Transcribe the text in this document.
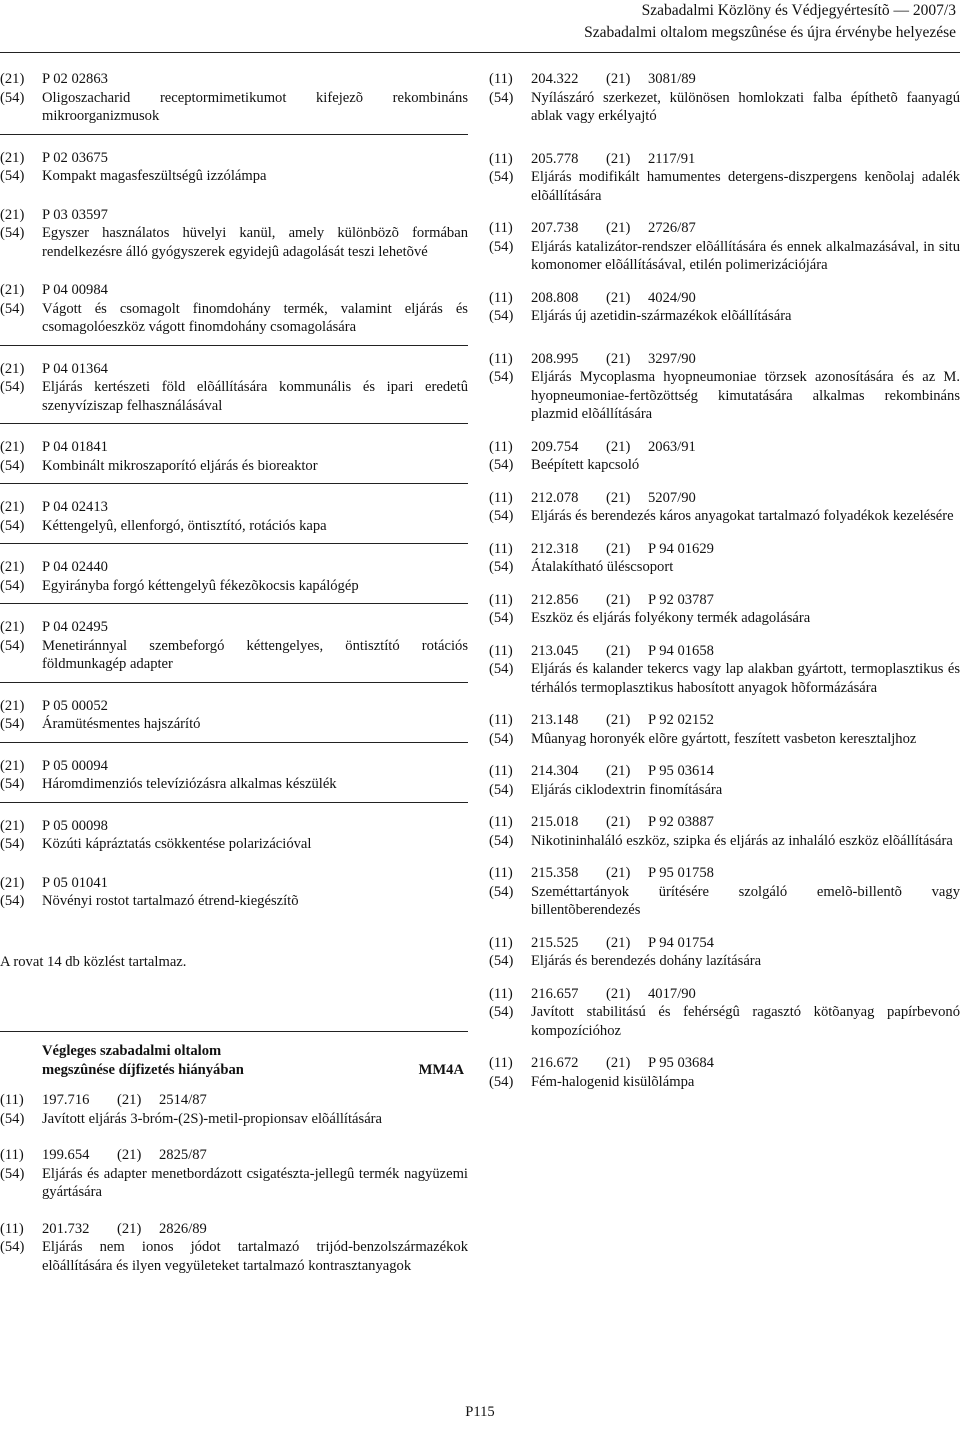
Szabadalmi Közlöny és Védjegyértesítõ — 2007/3
Szabadalmi oltalom megszûnése és újra érvénybe helyezése
(21)	P 02 02863
(54)	Oligoszacharid receptormimetikumot kifejezõ rekombináns mikroorganizmusok
(21)	P 02 03675
(54)	Kompakt magasfeszültségû izzólámpa
(21)	P 03 03597
(54)	Egyszer használatos hüvelyi kanül, amely különbözõ formában rendelkezésre álló gyógyszerek egyidejû adagolását teszi lehetõvé
(21)	P 04 00984
(54)	Vágott és csomagolt finomdohány termék, valamint eljárás és csomagolóeszköz vágott finomdohány csomagolására
(21)	P 04 01364
(54)	Eljárás kertészeti föld elõállítására kommunális és ipari eredetû szenyvíziszap felhasználásával
(21)	P 04 01841
(54)	Kombinált mikroszaporító eljárás és bioreaktor
(21)	P 04 02413
(54)	Kéttengelyû, ellenforgó, öntisztító, rotációs kapa
(21)	P 04 02440
(54)	Egyirányba forgó kéttengelyû fékezõkocsis kapálógép
(21)	P 04 02495
(54)	Menetiránnyal szembeforgó kéttengelyes, öntisztító rotációs földmunkagép adapter
(21)	P 05 00052
(54)	Áramütésmentes hajszárító
(21)	P 05 00094
(54)	Háromdimenziós televíziózásra alkalmas készülék
(21)	P 05 00098
(54)	Közúti kápráztatás csökkentése polarizációval
(21)	P 05 01041
(54)	Növényi rostot tartalmazó étrend-kiegészítõ
A rovat 14 db közlést tartalmaz.
Végleges szabadalmi oltalom
megszûnése díjfizetés hiányában	MM4A
(11)	197.716	(21)	2514/87
(54)	Javított eljárás 3-bróm-(2S)-metil-propionsav elõállítására
(11)	199.654	(21)	2825/87
(54)	Eljárás és adapter menetbordázott csigatészta-jellegû termék nagyüzemi gyártására
(11)	201.732	(21)	2826/89
(54)	Eljárás nem ionos jódot tartalmazó trijód-benzolszármazékok elõállítására és ilyen vegyületeket tartalmazó kontrasztanyagok
(11)	204.322	(21)	3081/89
(54)	Nyílászáró szerkezet, különösen homlokzati falba építhetõ faanyagú ablak vagy erkélyajtó
(11)	205.778	(21)	2117/91
(54)	Eljárás modifikált hamumentes detergens-diszpergens kenõolaj adalék elõállítására
(11)	207.738	(21)	2726/87
(54)	Eljárás katalizátor-rendszer elõállítására és ennek alkalmazásával, in situ komonomer elõállításával, etilén polimerizációjára
(11)	208.808	(21)	4024/90
(54)	Eljárás új azetidin-származékok elõállítására
(11)	208.995	(21)	3297/90
(54)	Eljárás Mycoplasma hyopneumoniae törzsek azonosítására és az M. hyopneumoniae-fertõzöttség kimutatására alkalmas rekombináns plazmid elõállítására
(11)	209.754	(21)	2063/91
(54)	Beépített kapcsoló
(11)	212.078	(21)	5207/90
(54)	Eljárás és berendezés káros anyagokat tartalmazó folyadékok kezelésére
(11)	212.318	(21)	P 94 01629
(54)	Átalakítható üléscsoport
(11)	212.856	(21)	P 92 03787
(54)	Eszköz és eljárás folyékony termék adagolására
(11)	213.045	(21)	P 94 01658
(54)	Eljárás és kalander tekercs vagy lap alakban gyártott, termoplasztikus és térhálós termoplasztikus habosított anyagok hõformázására
(11)	213.148	(21)	P 92 02152
(54)	Mûanyag horonyék elõre gyártott, feszített vasbeton keresztaljhoz
(11)	214.304	(21)	P 95 03614
(54)	Eljárás ciklodextrin finomítására
(11)	215.018	(21)	P 92 03887
(54)	Nikotininhaláló eszköz, szipka és eljárás az inhaláló eszköz elõállítására
(11)	215.358	(21)	P 95 01758
(54)	Szeméttartányok ürítésére szolgáló emelõ-billentõ vagy billentõberendezés
(11)	215.525	(21)	P 94 01754
(54)	Eljárás és berendezés dohány lazítására
(11)	216.657	(21)	4017/90
(54)	Javított stabilitású és fehérségû ragasztó kötõanyag papírbevonó kompozícióhoz
(11)	216.672	(21)	P 95 03684
(54)	Fém-halogenid kisülõlámpa
P115
